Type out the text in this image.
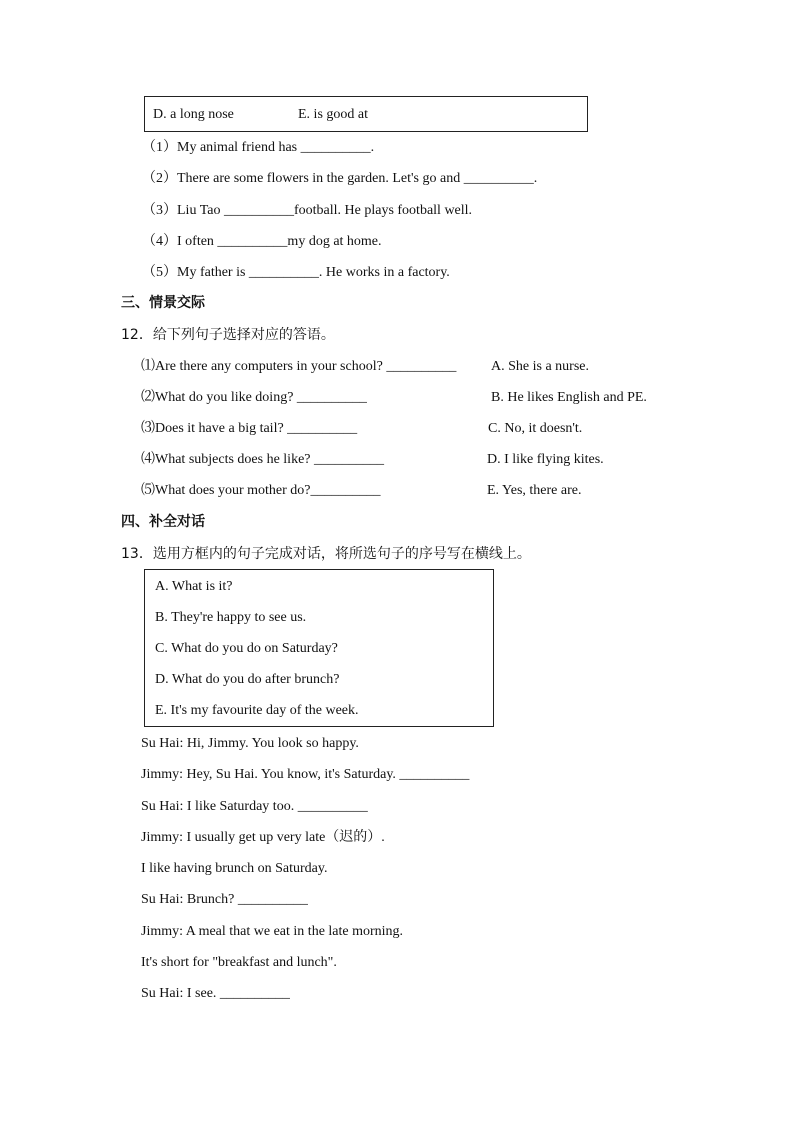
D. a long nose	E. is good at
（1）My animal friend has __________.
（2）There are some flowers in the garden. Let's go and __________.
（3）Liu Tao __________football. He plays football well.
（4）I often __________my dog at home.
（5）My father is __________. He works in a factory.
三、情景交际
12．给下列句子选择对应的答语。
⑴Are there any computers in your school? __________
⑵What do you like doing? __________
⑶Does it have a big tail? __________
⑷What subjects does he like? __________
⑸What does your mother do?__________
A. She is a nurse.
B. He likes English and PE.
C. No, it doesn't.
D. I like flying kites.
E. Yes, there are.
四、补全对话
13．选用方框内的句子完成对话，将所选句子的序号写在横线上。
A. What is it?
B. They're happy to see us.
C. What do you do on Saturday?
D. What do you do after brunch?
E. It's my favourite day of the week.
Su Hai: Hi, Jimmy. You look so happy.
Jimmy: Hey, Su Hai. You know, it's Saturday. __________
Su Hai: I like Saturday too. __________
Jimmy: I usually get up very late（迟的）.
I like having brunch on Saturday.
Su Hai: Brunch? __________
Jimmy: A meal that we eat in the late morning.
It's short for "breakfast and lunch".
Su Hai: I see. __________
